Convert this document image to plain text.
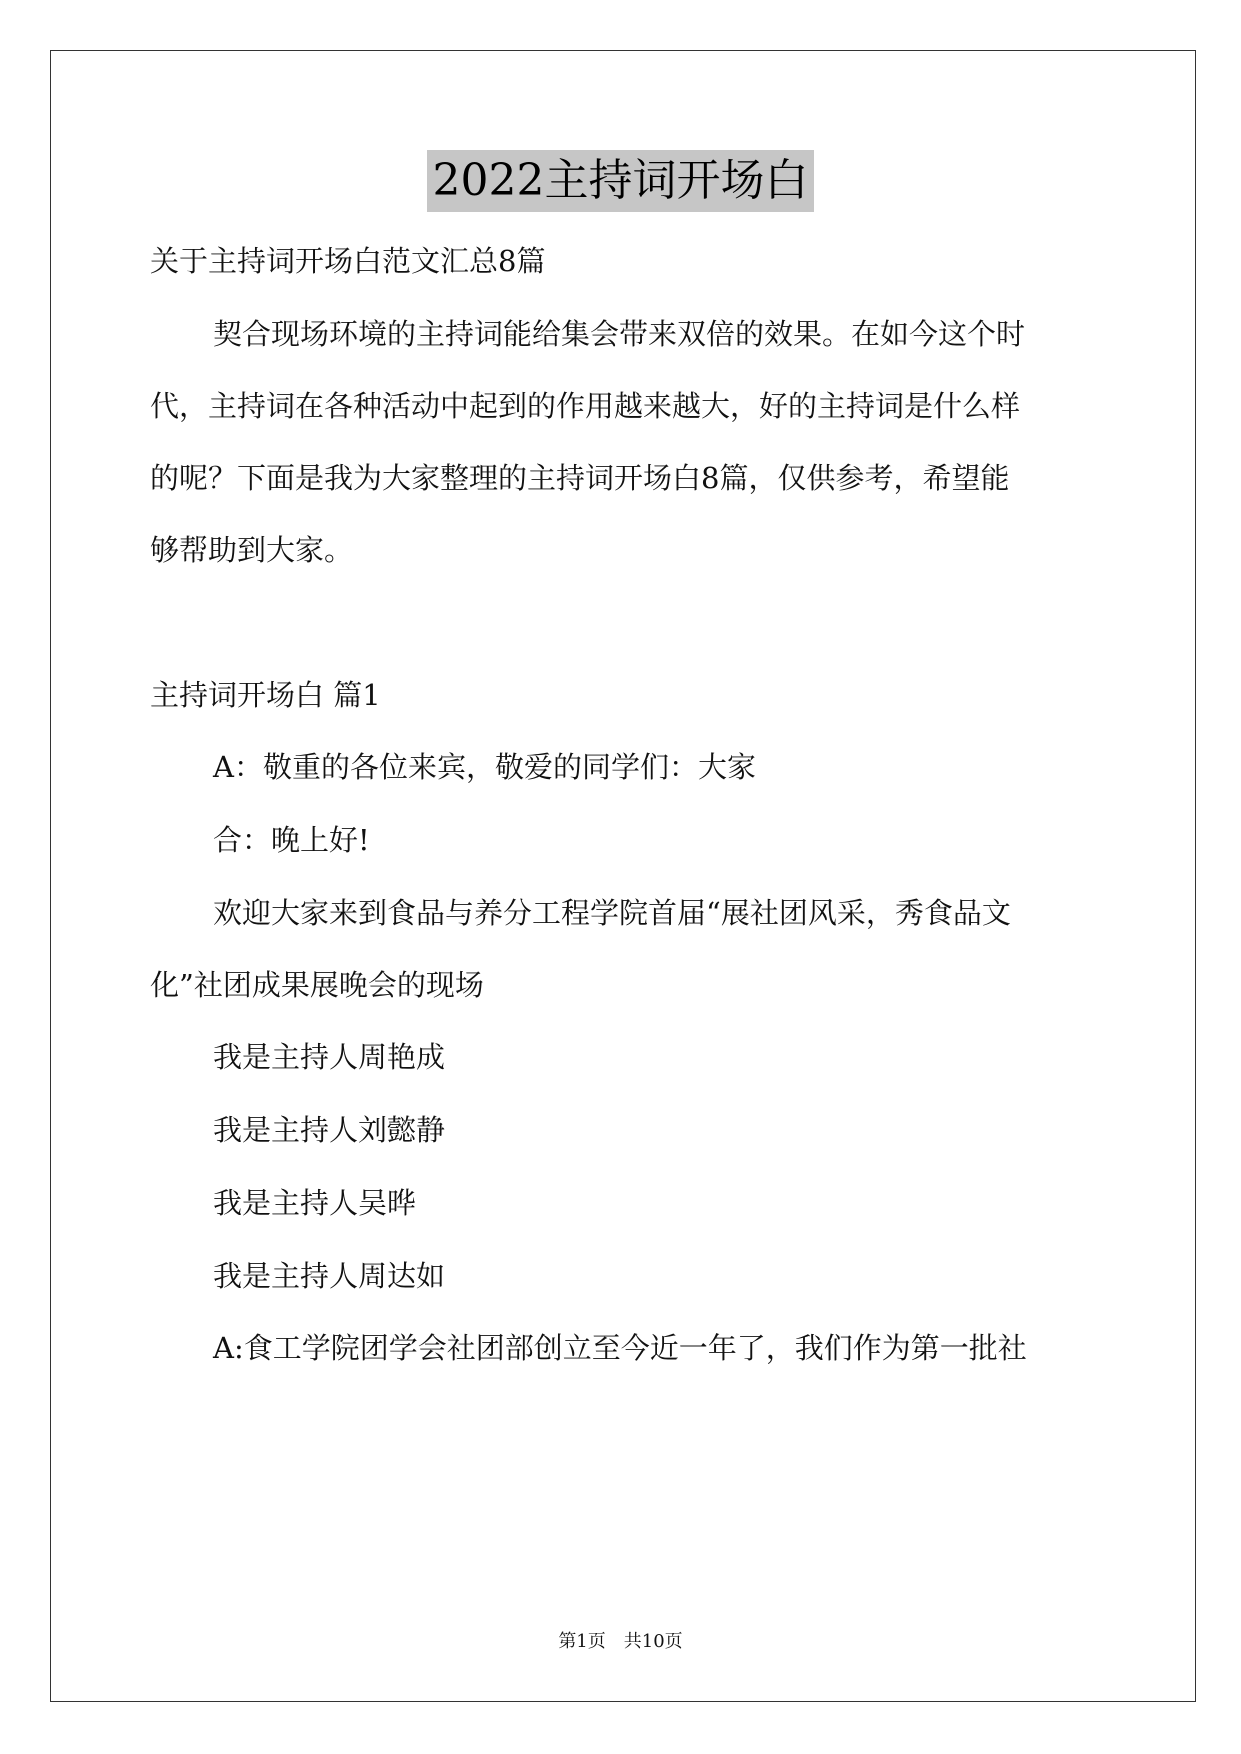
2022主持词开场白
关于主持词开场白范文汇总8篇
契合现场环境的主持词能给集会带来双倍的效果。在如今这个时
代，主持词在各种活动中起到的作用越来越大，好的主持词是什么样
的呢？下面是我为大家整理的主持词开场白8篇，仅供参考，希望能
够帮助到大家。
主持词开场白 篇1
A：敬重的各位来宾，敬爱的同学们：大家
合：晚上好!
欢迎大家来到食品与养分工程学院首届“展社团风采，秀食品文
化”社团成果展晚会的现场
我是主持人周艳成
我是主持人刘懿静
我是主持人吴晔
我是主持人周达如
A:食工学院团学会社团部创立至今近一年了，我们作为第一批社
第1页　共10页
